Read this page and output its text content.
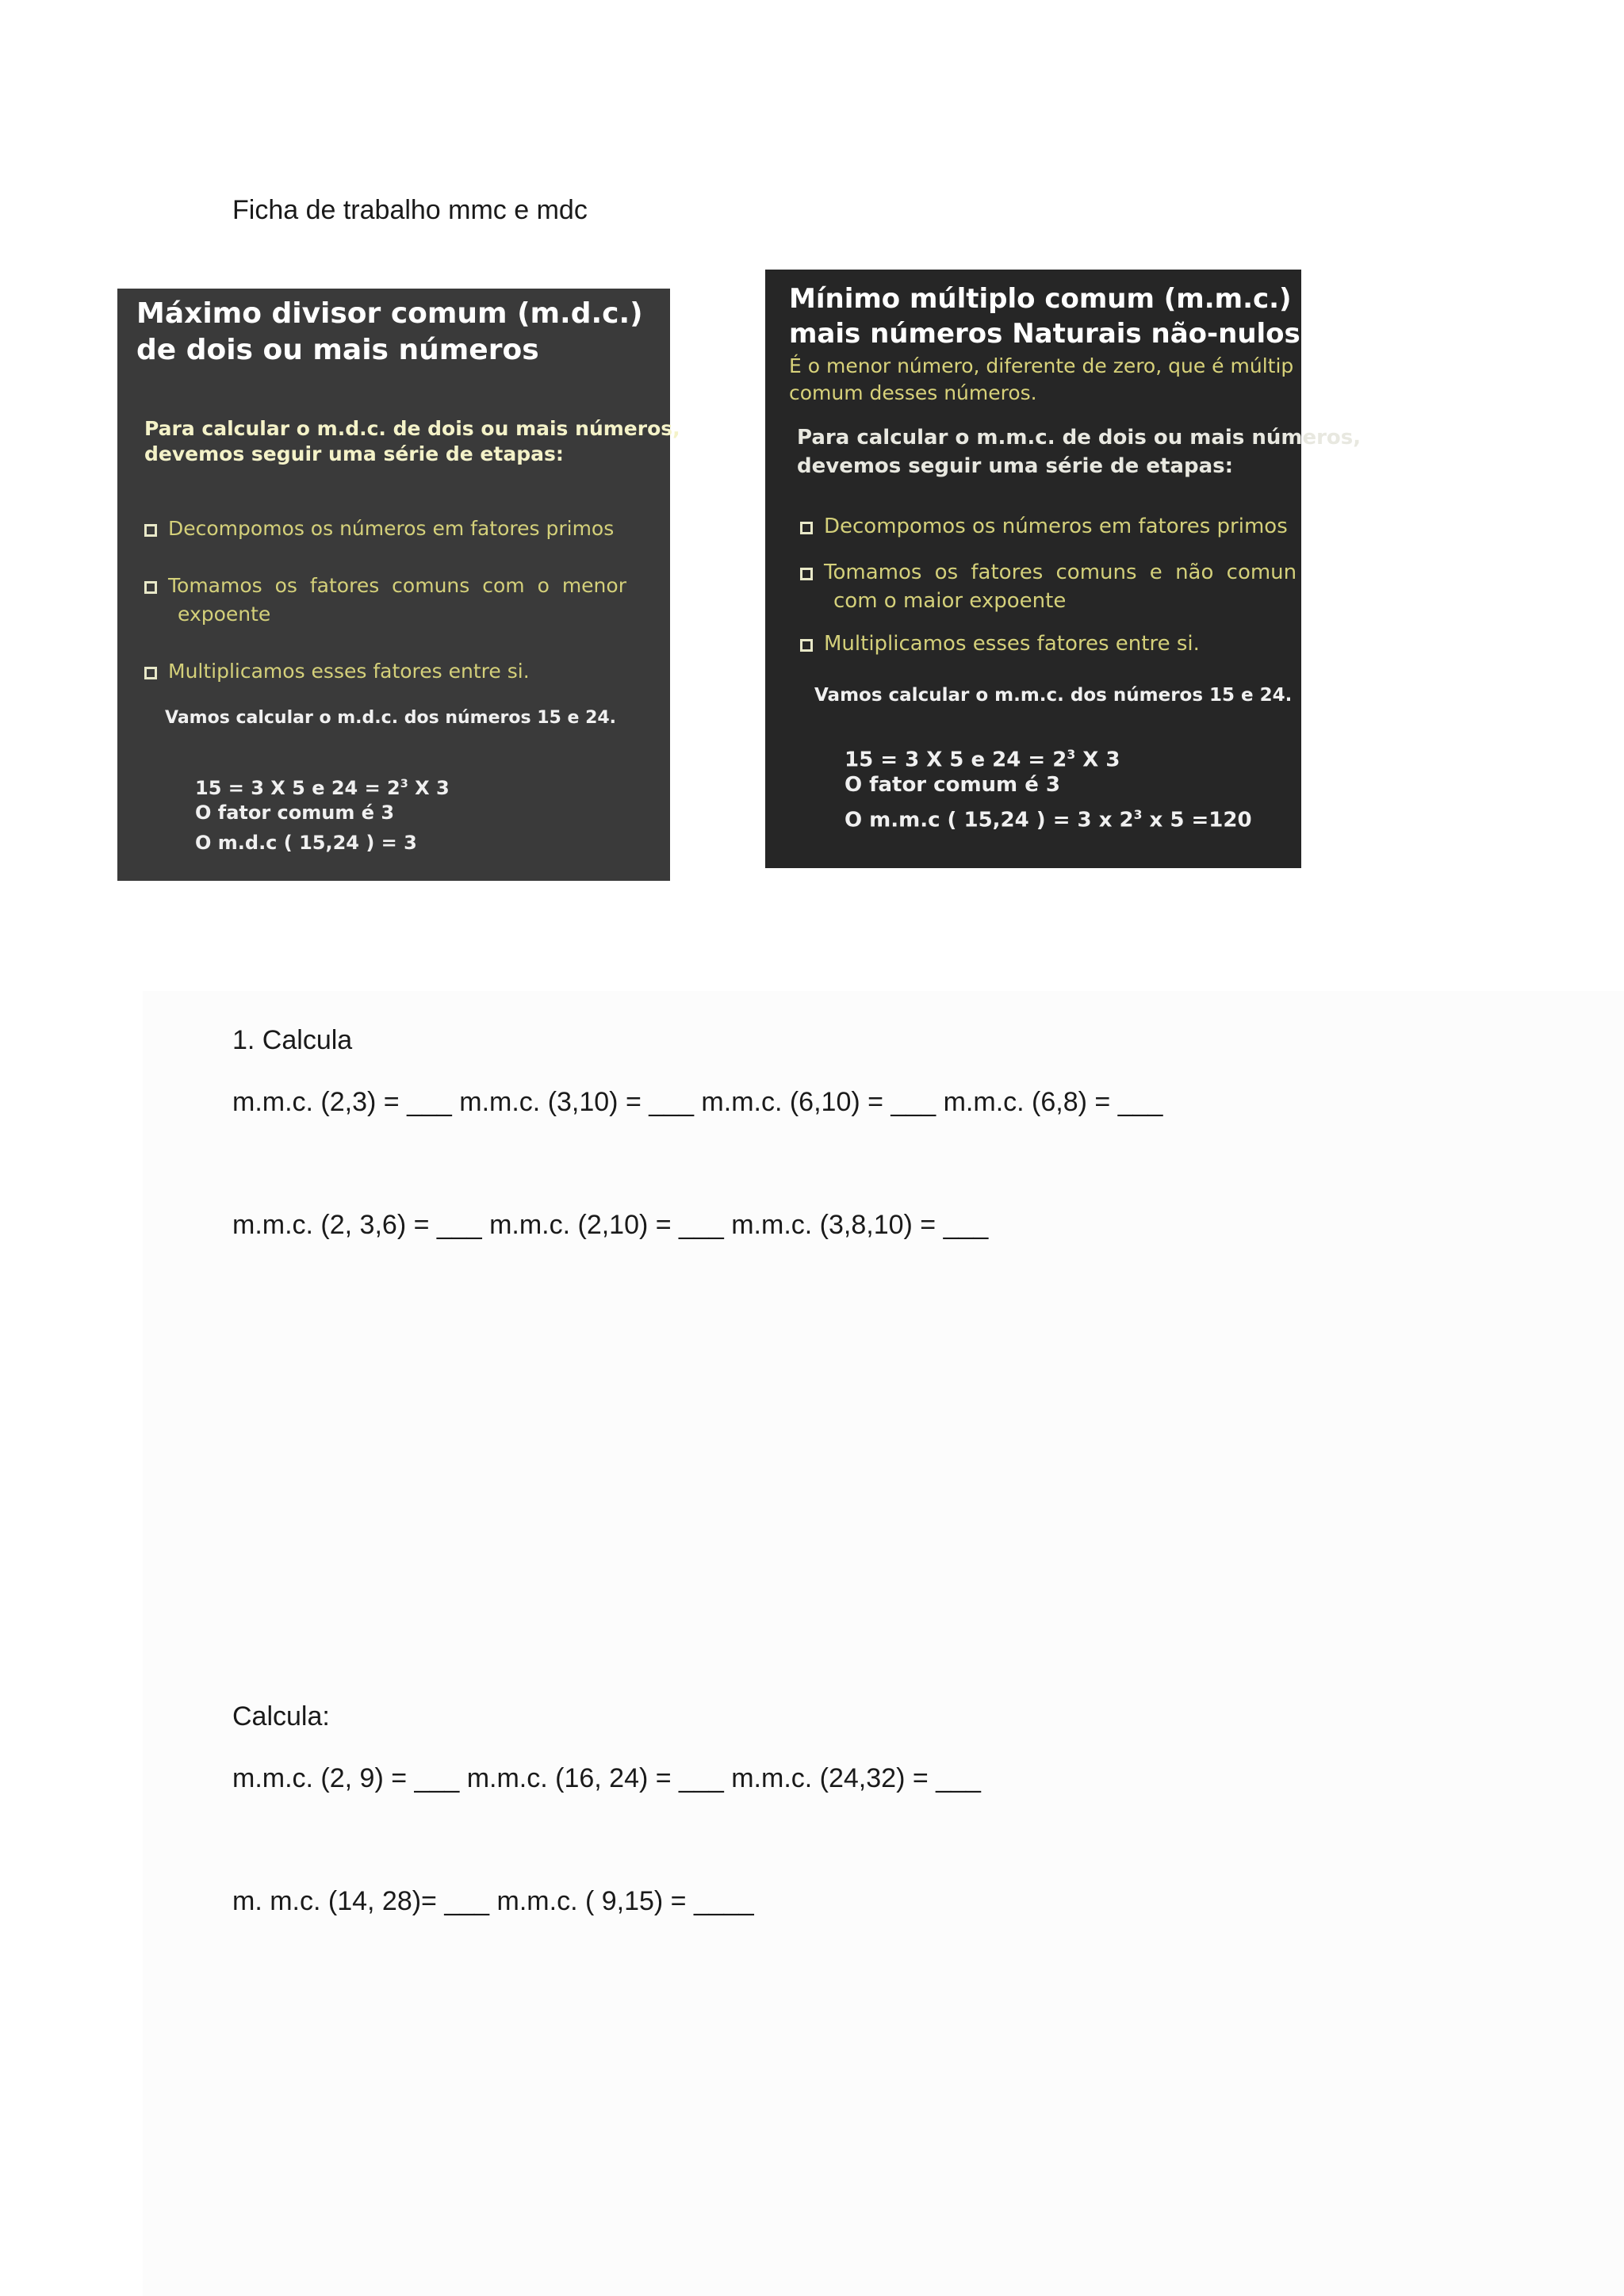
Ficha de trabalho mmc e mdc
Máximo divisor comum (m.d.c.)
de dois ou mais números
Para calcular o m.d.c. de dois ou mais números,
devemos seguir uma série de etapas:
Decompomos os números em fatores primos
Tomamos os fatores comuns com o menor
expoente
Multiplicamos esses fatores entre si.
Vamos calcular o m.d.c. dos números 15 e 24.
15 = 3 X 5 e $24 = 2^3$ X 3
O fator comum é 3
O m.d.c ( 15,24 ) = 3
Mínimo múltiplo comum (m.m.c.) de dois
mais números Naturais não-nulos
É o menor número, diferente de zero, que é múltip
comum desses números.
Para calcular o m.m.c. de dois ou mais números,
devemos seguir uma série de etapas:
Decompomos os números em fatores primos
Tomamos os fatores comuns e não comun
com o maior expoente
Multiplicamos esses fatores entre si.
Vamos calcular o m.m.c. dos números 15 e 24.
15 = 3 X 5 e $24 = 2^3$ X 3
O fator comum é 3
O m.m.c ( 15,24 ) = 3 x $2^3$ x 5 =120
1. Calcula
m.m.c. (2,3) = ___ m.m.c. (3,10) = ___ m.m.c. (6,10) = ___ m.m.c. (6,8) = ___
m.m.c. (2, 3,6) = ___ m.m.c. (2,10) = ___ m.m.c. (3,8,10) = ___
Calcula:
m.m.c. (2, 9) = ___ m.m.c. (16, 24) = ___ m.m.c. (24,32) = ___
m. m.c. (14, 28)= ___ m.m.c. ( 9,15) = ____
